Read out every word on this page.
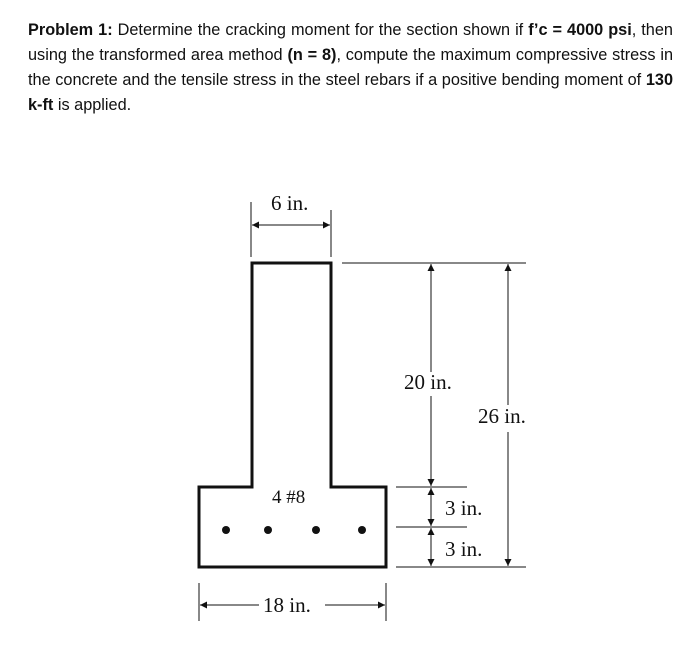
Problem 1: Determine the cracking moment for the section shown if f’c = 4000 psi, then using the transformed area method (n = 8), compute the maximum compressive stress in the concrete and the tensile stress in the steel rebars if a positive bending moment of 130 k-ft is applied.
4 #8
6 in.
20 in.
26 in.
3 in.
3 in.
18 in.
